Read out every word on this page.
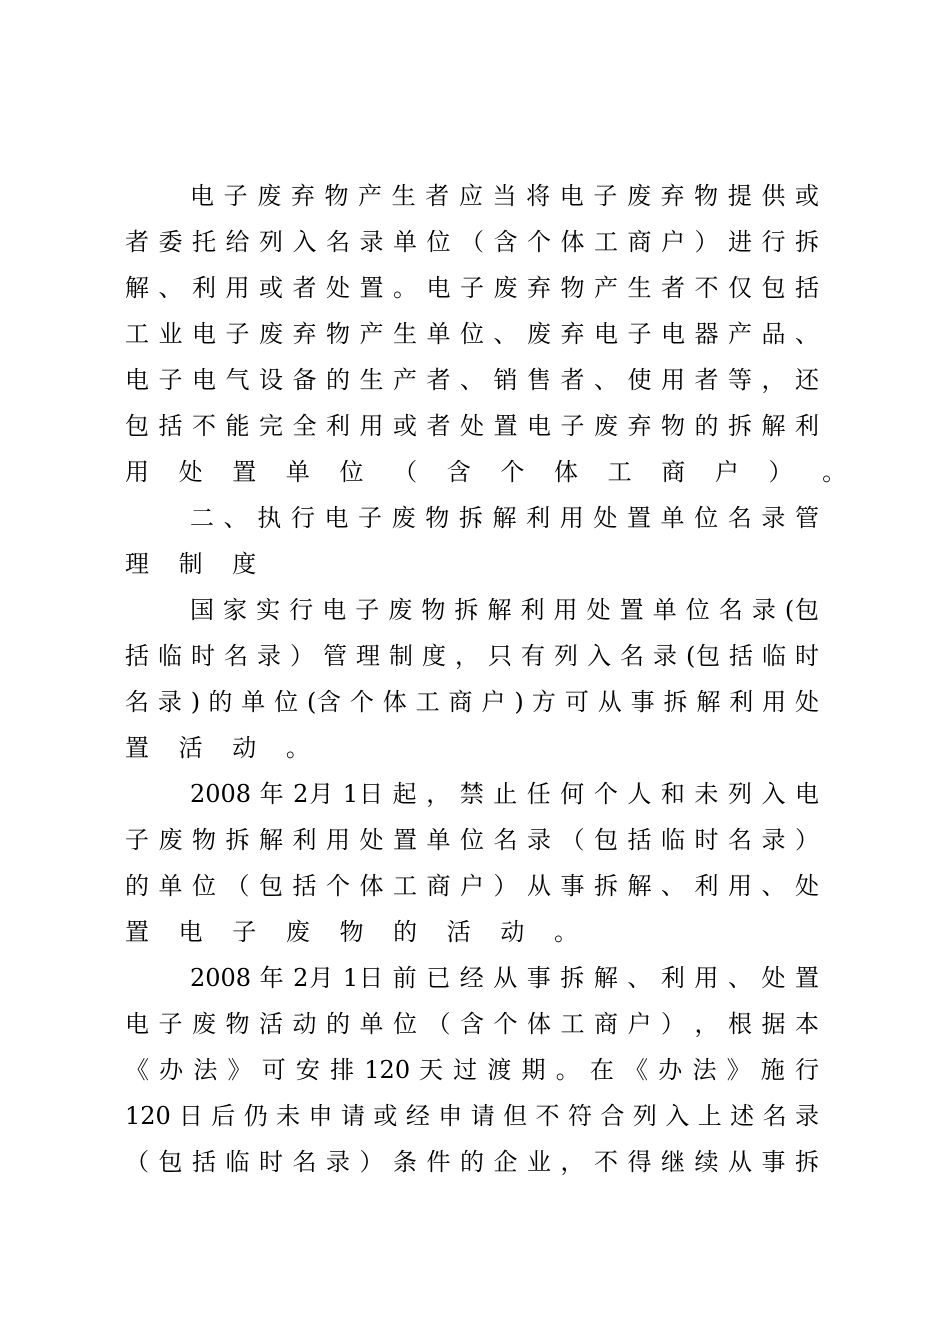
电 子 废 弃 物 产 生 者 应 当 将 电 子 废 弃 物 提 供 或
者 委 托 给 列 入 名 录 单 位 （ 含 个 体 工 商 户 ） 进 行 拆
解 、 利 用 或 者 处 置 。 电 子 废 弃 物 产 生 者 不 仅 包 括
工 业 电 子 废 弃 物 产 生 单 位 、 废 弃 电 子 电 器 产 品 、
电 子 电 气 设 备 的 生 产 者 、 销 售 者 、 使 用 者 等 ， 还
包 括 不 能 完 全 利 用 或 者 处 置 电 子 废 弃 物 的 拆 解 利
用 处 置 单 位 （ 含 个 体 工 商 户 ） 。
二 、 执 行 电 子 废 物 拆 解 利 用 处 置 单 位 名 录 管
理 制 度
国 家 实 行 电 子 废 物 拆 解 利 用 处 置 单 位 名 录 (包
括 临 时 名 录 ） 管 理 制 度 ， 只 有 列 入 名 录 (包 括 临 时
名 录 ) 的 单 位 (含 个 体 工 商 户 ) 方 可 从 事 拆 解 利 用 处
置 活 动 。
2008 年 2月 1日 起 ， 禁 止 任 何 个 人 和 未 列 入 电
子 废 物 拆 解 利 用 处 置 单 位 名 录 （ 包 括 临 时 名 录 ）
的 单 位 （ 包 括 个 体 工 商 户 ） 从 事 拆 解 、 利 用 、 处
置 电 子 废 物 的 活 动 。
2008 年 2月 1日 前 已 经 从 事 拆 解 、 利 用 、 处 置
电 子 废 物 活 动 的 单 位 （ 含 个 体 工 商 户 ） ， 根 据 本
《 办 法 》 可 安 排 120 天 过 渡 期 。 在 《 办 法 》 施 行
120 日 后 仍 未 申 请 或 经 申 请 但 不 符 合 列 入 上 述 名 录
（ 包 括 临 时 名 录 ） 条 件 的 企 业 ， 不 得 继 续 从 事 拆
